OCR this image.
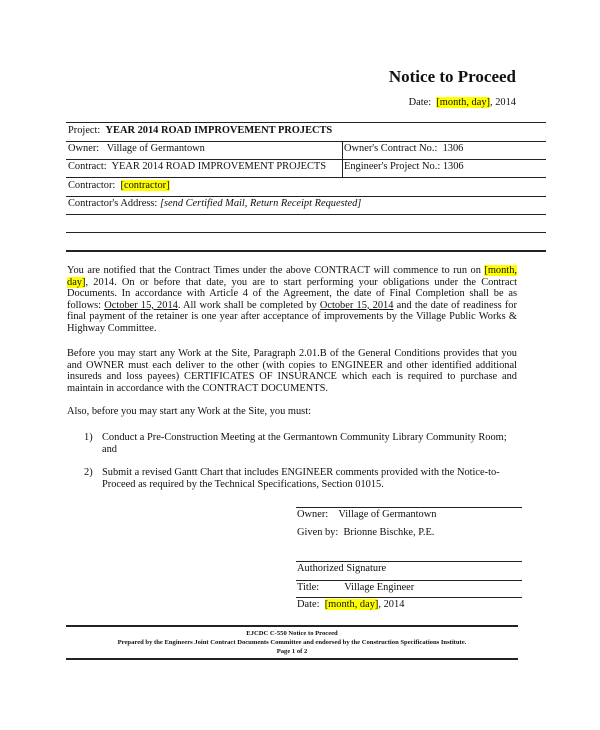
Notice to Proceed
Date: [month, day], 2014
Project: YEAR 2014 ROAD IMPROVEMENT PROJECTS
Owner: Village of Germantown	Owner's Contract No.: 1306
Contract: YEAR 2014 ROAD IMPROVEMENT PROJECTS Engineer's Project No.: 1306
Contractor: [contractor]
Contractor's Address: [send Certified Mail, Return Receipt Requested]
You are notified that the Contract Times under the above CONTRACT will commence to run on [month, day], 2014. On or before that date, you are to start performing your obligations under the Contract Documents. In accordance with Article 4 of the Agreement, the date of Final Completion shall be as follows: October 15, 2014. All work shall be completed by October 15, 2014 and the date of readiness for final payment of the retainer is one year after acceptance of improvements by the Village Public Works & Highway Committee.
Before you may start any Work at the Site, Paragraph 2.01.B of the General Conditions provides that you and OWNER must each deliver to the other (with copies to ENGINEER and other identified additional insureds and loss payees) CERTIFICATES OF INSURANCE which each is required to purchase and maintain in accordance with the CONTRACT DOCUMENTS.
Also, before you may start any Work at the Site, you must:
1) Conduct a Pre-Construction Meeting at the Germantown Community Library Community Room; and
2) Submit a revised Gantt Chart that includes ENGINEER comments provided with the Notice-to-Proceed as required by the Technical Specifications, Section 01015.
Owner: Village of Germantown
Given by: Brionne Bischke, P.E.
Authorized Signature
Title: Village Engineer
Date: [month, day], 2014
EJCDC C-550 Notice to Proceed
Prepared by the Engineers Joint Contract Documents Committee and endorsed by the Construction Specifications Institute.
Page 1 of 2
